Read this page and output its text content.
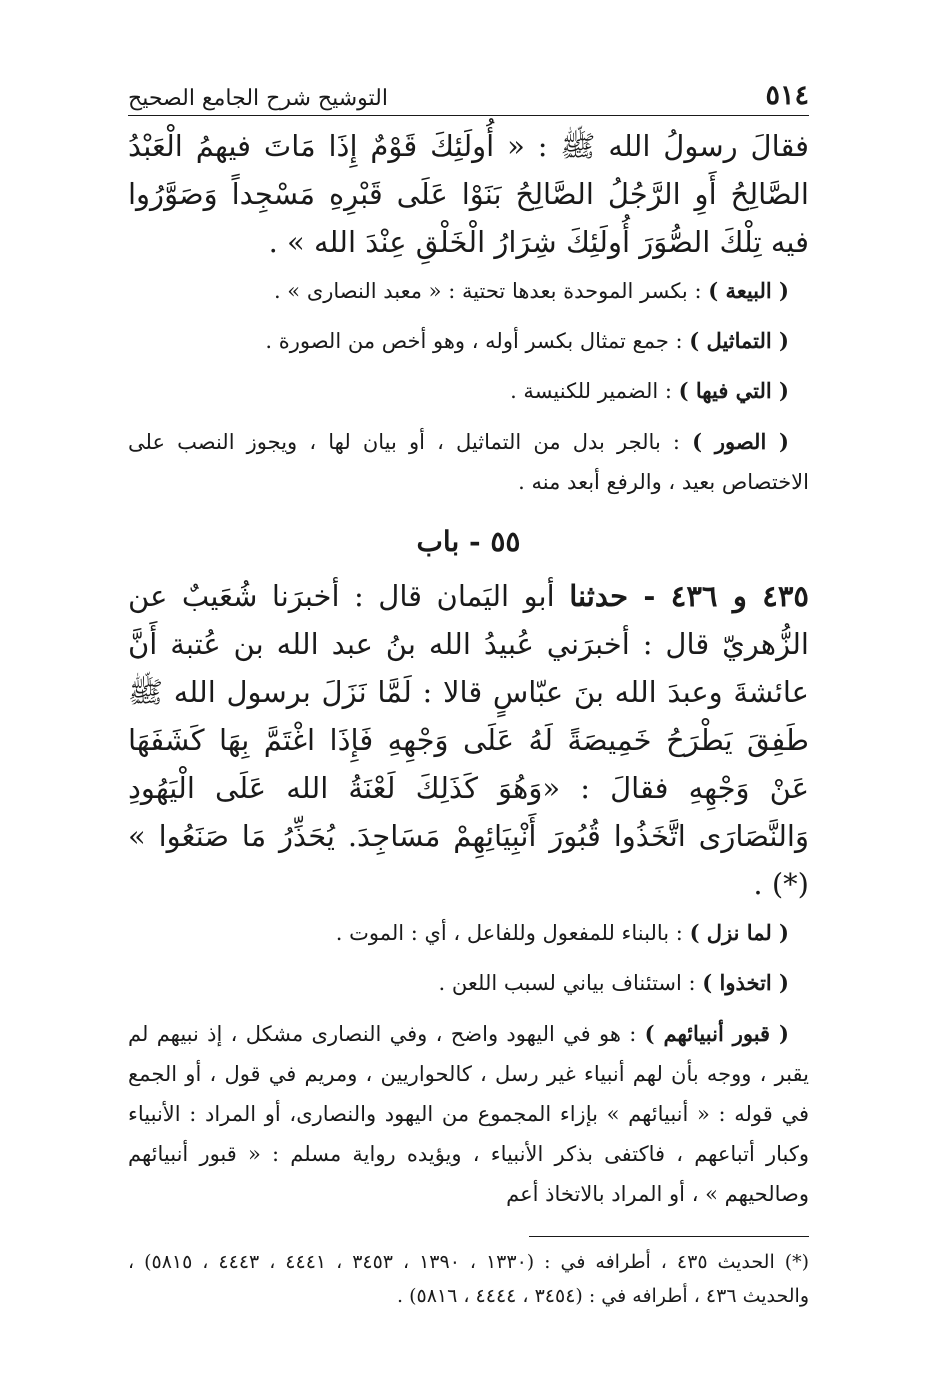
٥١٤
التوشيح شرح الجامع الصحيح

فقالَ رسولُ الله ﷺ : « أُولَئِكَ قَوْمٌ إِذَا مَاتَ فيهمُ الْعَبْدُ الصَّالِحُ أَوِ الرَّجُلُ الصَّالِحُ بَنَوْا عَلَى قَبْرِهِ مَسْجِداً وَصَوَّرُوا فيه تِلْكَ الصُّوَرَ أُولَئِكَ شِرَارُ الْخَلْقِ عِنْدَ الله » .

( البيعة ) : بكسر الموحدة بعدها تحتية : « معبد النصارى » .

( التماثيل ) : جمع تمثال بكسر أوله ، وهو أخص من الصورة .

( التي فيها ) : الضمير للكنيسة .

( الصور ) : بالجر بدل من التماثيل ، أو بيان لها ، ويجوز النصب على الاختصاص بعيد ، والرفع أبعد منه .

٥٥ - باب

٤٣٥ و ٤٣٦ - حدثنا أبو اليَمان قال : أخبرَنا شُعَيبٌ عن الزُّهريّ قال : أخبرَني عُبيدُ الله بنُ عبد الله بن عُتبة أَنَّ عائشةَ وعبدَ الله بنَ عبّاسٍ قالا : لَمَّا نَزَلَ برسول الله ﷺ طَفِقَ يَطْرَحُ خَمِيصَةً لَهُ عَلَى وَجْهِهِ فَإِذَا اغْتَمَّ بِهَا كَشَفَهَا عَنْ وَجْهِهِ فقالَ : «وَهُوَ كَذَلِكَ لَعْنَةُ الله عَلَى الْيَهُودِ وَالنَّصَارَى اتَّخَذُوا قُبُورَ أَنْبِيَائِهِمْ مَسَاجِدَ. يُحَذِّرُ مَا صَنَعُوا » (*) .

( لما نزل ) : بالبناء للمفعول وللفاعل ، أي : الموت .

( اتخذوا ) : استئناف بياني لسبب اللعن .

( قبور أنبيائهم ) : هو في اليهود واضح ، وفي النصارى مشكل ، إذ نبيهم لم يقبر ، ووجه بأن لهم أنبياء غير رسل ، كالحواريين ، ومريم في قول ، أو الجمع في قوله : « أنبيائهم » بإزاء المجموع من اليهود والنصارى، أو المراد : الأنبياء وكبار أتباعهم ، فاكتفى بذكر الأنبياء ، ويؤيده رواية مسلم : « قبور أنبيائهم وصالحيهم » ، أو المراد بالاتخاذ أعم

(*) الحديث ٤٣٥ ، أطرافه في : (١٣٣٠ ، ١٣٩٠ ، ٣٤٥٣ ، ٤٤٤١ ، ٤٤٤٣ ، ٥٨١٥) ، والحديث ٤٣٦ ، أطرافه في : (٣٤٥٤ ، ٤٤٤٤ ، ٥٨١٦) .
